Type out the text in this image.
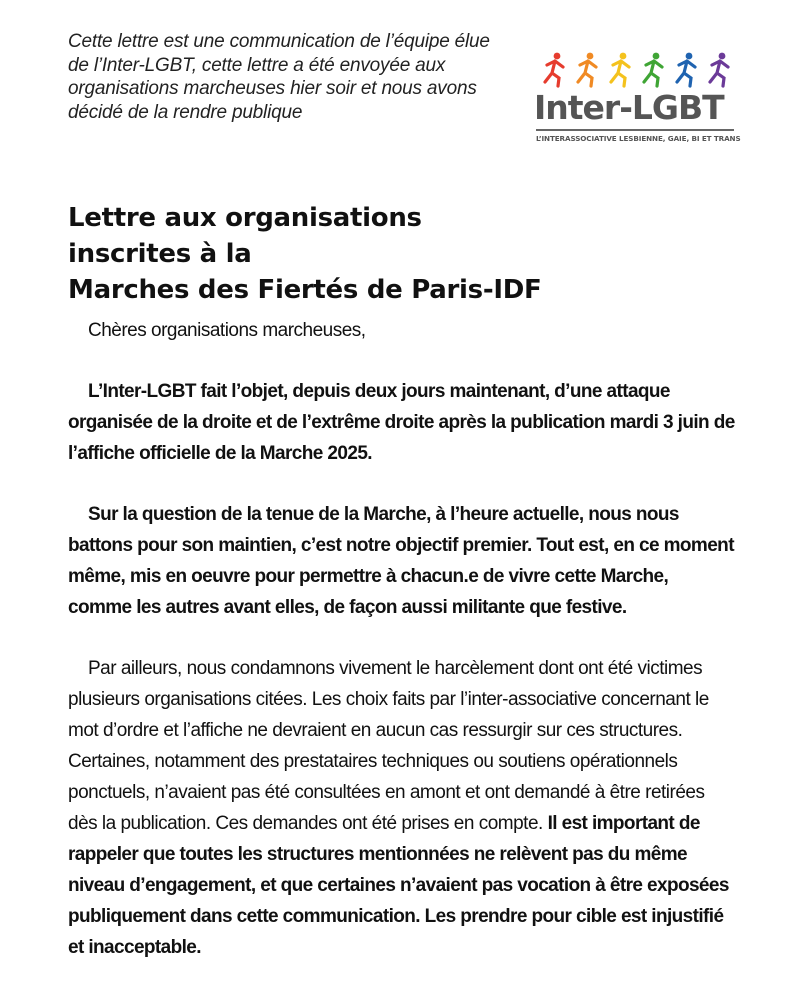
Cette lettre est une communication de l’équipe élue de l’Inter-LGBT, cette lettre a été envoyée aux organisations marcheuses hier soir et nous avons décidé de la rendre publique	Inter-LGBT
L’INTERASSOCIATIVE LESBIENNE, GAIE, BI ET TRANS
Lettre aux organisations
inscrites à la
Marches des Fiertés de Paris-IDF

Chères organisations marcheuses,

L’Inter-LGBT fait l’objet, depuis deux jours maintenant, d’une attaque organisée de la droite et de l’extrême droite après la publication mardi 3 juin de l’affiche officielle de la Marche 2025.

Sur la question de la tenue de la Marche, à l’heure actuelle, nous nous battons pour son maintien, c’est notre objectif premier. Tout est, en ce moment même, mis en oeuvre pour permettre à chacun.e de vivre cette Marche, comme les autres avant elles, de façon aussi militante que festive.

Par ailleurs, nous condamnons vivement le harcèlement dont ont été victimes plusieurs organisations citées. Les choix faits par l’inter-associative concernant le mot d’ordre et l’affiche ne devraient en aucun cas ressurgir sur ces structures. Certaines, notamment des prestataires techniques ou soutiens opérationnels ponctuels, n’avaient pas été consultées en amont et ont demandé à être retirées dès la publication. Ces demandes ont été prises en compte. Il est important de rappeler que toutes les structures mentionnées ne relèvent pas du même niveau d’engagement, et que certaines n’avaient pas vocation à être exposées publiquement dans cette communication. Les prendre pour cible est injustifié et inacceptable.
